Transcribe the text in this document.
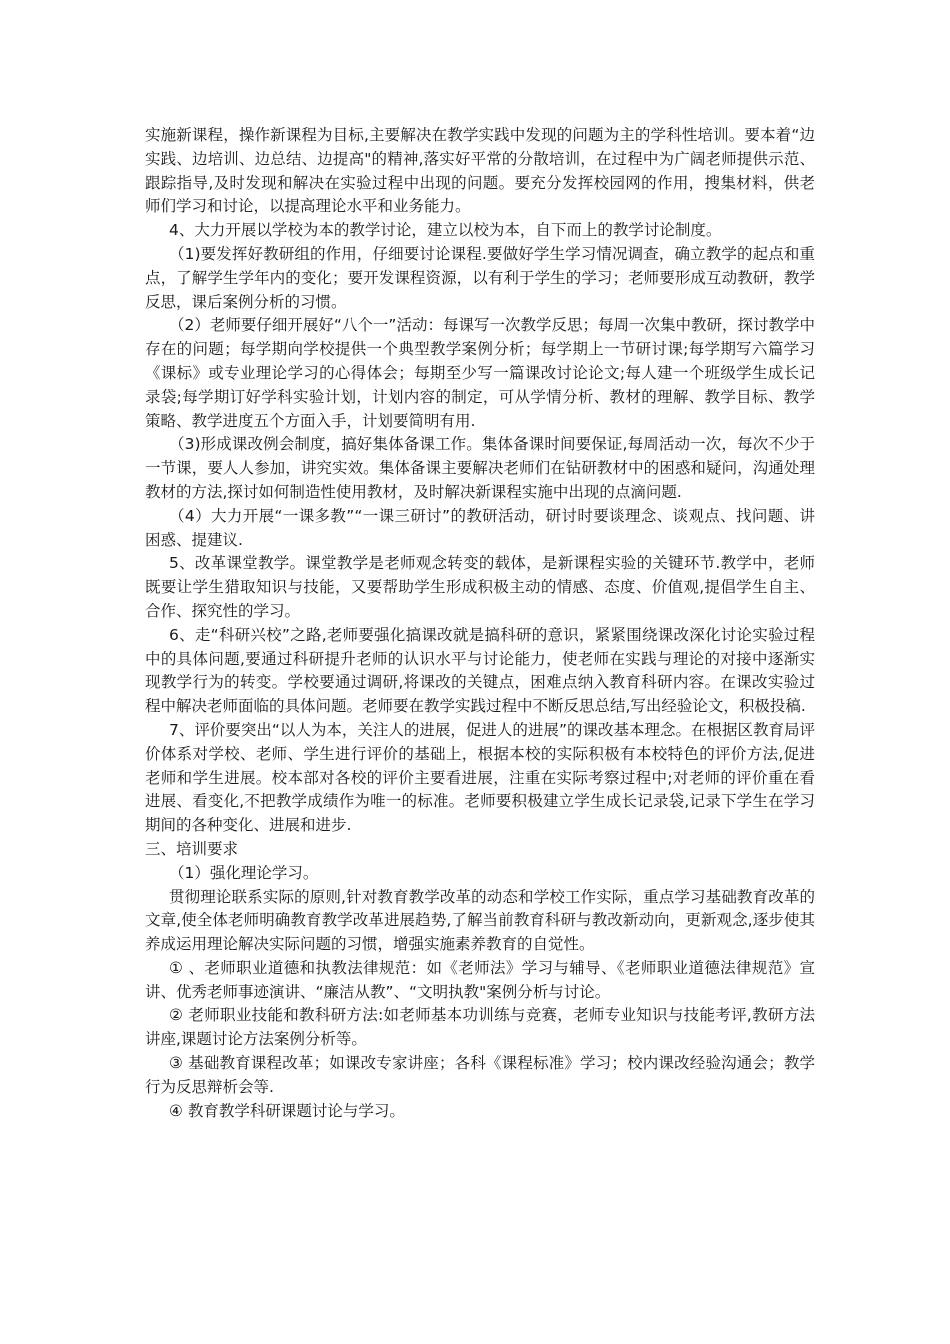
实施新课程，操作新课程为目标,主要解决在教学实践中发现的问题为主的学科性培训。要本着“边实践、边培训、边总结、边提高"的精神,落实好平常的分散培训，在过程中为广阔老师提供示范、跟踪指导,及时发现和解决在实验过程中出现的问题。要充分发挥校园网的作用，搜集材料，供老师们学习和讨论，以提高理论水平和业务能力。

4、大力开展以学校为本的教学讨论，建立以校为本，自下而上的教学讨论制度。

（1)要发挥好教研组的作用，仔细要讨论课程.要做好学生学习情况调查，确立教学的起点和重点，了解学生学年内的变化；要开发课程资源，以有利于学生的学习；老师要形成互动教研，教学反思，课后案例分析的习惯。

（2）老师要仔细开展好“八个一”活动：每课写一次教学反思；每周一次集中教研，探讨教学中存在的问题；每学期向学校提供一个典型教学案例分析；每学期上一节研讨课;每学期写六篇学习《课标》或专业理论学习的心得体会；每期至少写一篇课改讨论论文;每人建一个班级学生成长记录袋;每学期订好学科实验计划，计划内容的制定，可从学情分析、教材的理解、教学目标、教学策略、教学进度五个方面入手，计划要简明有用.

（3)形成课改例会制度，搞好集体备课工作。集体备课时间要保证,每周活动一次，每次不少于一节课，要人人参加，讲究实效。集体备课主要解决老师们在钻研教材中的困惑和疑问，沟通处理教材的方法,探讨如何制造性使用教材，及时解决新课程实施中出现的点滴问题.

（4）大力开展“一课多教”“一课三研讨”的教研活动，研讨时要谈理念、谈观点、找问题、讲困惑、提建议.

5、改革课堂教学。课堂教学是老师观念转变的载体，是新课程实验的关键环节.教学中，老师既要让学生猎取知识与技能，又要帮助学生形成积极主动的情感、态度、价值观,提倡学生自主、合作、探究性的学习。

6、走“科研兴校”之路,老师要强化搞课改就是搞科研的意识，紧紧围绕课改深化讨论实验过程中的具体问题,要通过科研提升老师的认识水平与讨论能力，使老师在实践与理论的对接中逐渐实现教学行为的转变。学校要通过调研,将课改的关键点，困难点纳入教育科研内容。在课改实验过程中解决老师面临的具体问题。老师要在教学实践过程中不断反思总结,写出经验论文，积极投稿.

7、评价要突出“以人为本，关注人的进展，促进人的进展”的课改基本理念。在根据区教育局评价体系对学校、老师、学生进行评价的基础上，根据本校的实际积极有本校特色的评价方法,促进老师和学生进展。校本部对各校的评价主要看进展，注重在实际考察过程中;对老师的评价重在看进展、看变化,不把教学成绩作为唯一的标准。老师要积极建立学生成长记录袋,记录下学生在学习期间的各种变化、进展和进步.

三、培训要求

（1）强化理论学习。

贯彻理论联系实际的原则,针对教育教学改革的动态和学校工作实际，重点学习基础教育改革的文章,使全体老师明确教育教学改革进展趋势,了解当前教育科研与教改新动向，更新观念,逐步使其养成运用理论解决实际问题的习惯，增强实施素养教育的自觉性。

① 、老师职业道德和执教法律规范：如《老师法》学习与辅导、《老师职业道德法律规范》宣讲、优秀老师事迹演讲、“廉洁从教”、“文明执教"案例分析与讨论。

② 老师职业技能和教科研方法:如老师基本功训练与竞赛，老师专业知识与技能考评,教研方法讲座,课题讨论方法案例分析等。

③ 基础教育课程改革；如课改专家讲座；各科《课程标准》学习；校内课改经验沟通会；教学行为反思辩析会等.

④ 教育教学科研课题讨论与学习。
